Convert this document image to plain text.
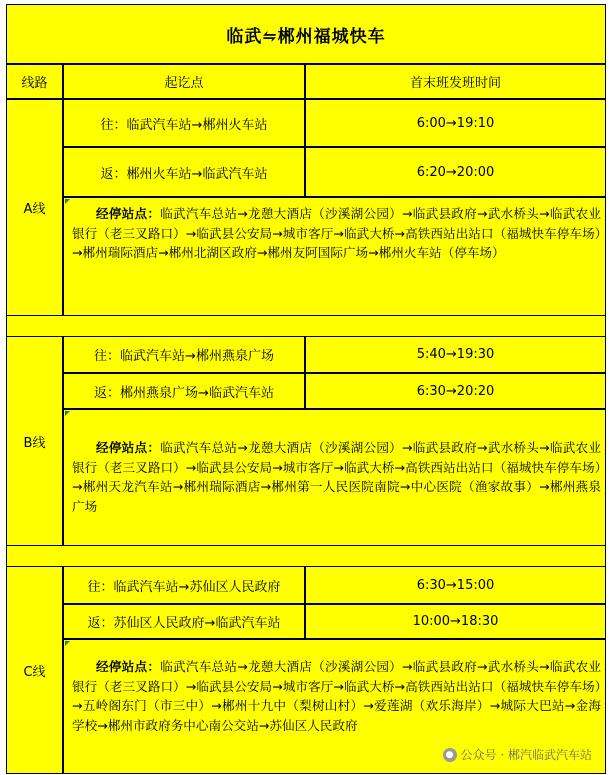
临武⇋郴州福城快车
线路	起讫点	首末班发班时间
A线
往：临武汽车站→郴州火车站	6:00→19:10
返：郴州火车站→临武汽车站	6:20→20:00
经停站点：临武汽车总站→龙憩大酒店（沙溪湖公园）→临武县政府→武水桥头→临武农业银行（老三叉路口）→临武县公安局→城市客厅→临武大桥→高铁西站出站口（福城快车停车场）→郴州瑞际酒店→郴州北湖区政府→郴州友阿国际广场→郴州火车站（停车场）
B线
往：临武汽车站→郴州燕泉广场	5:40→19:30
返：郴州燕泉广场→临武汽车站	6:30→20:20
经停站点：临武汽车总站→龙憩大酒店（沙溪湖公园）→临武县政府→武水桥头→临武农业银行（老三叉路口）→临武县公安局→城市客厅→临武大桥→高铁西站出站口（福城快车停车场）→郴州天龙汽车站→郴州瑞际酒店→郴州第一人民医院南院→中心医院（渔家故事）→郴州燕泉广场
C线
往：临武汽车站→苏仙区人民政府	6:30→15:00
返：苏仙区人民政府→临武汽车站	10:00→18:30
经停站点：临武汽车总站→龙憩大酒店（沙溪湖公园）→临武县政府→武水桥头→临武农业银行（老三叉路口）→临武县公安局→城市客厅→临武大桥→高铁西站出站口（福城快车停车场）→五岭阁东门（市三中）→郴州十九中（梨树山村）→爱莲湖（欢乐海岸）→城际大巴站→金海学校→郴州市政府务中心南公交站→苏仙区人民政府
● 公众号 · 郴汽临武汽车站
